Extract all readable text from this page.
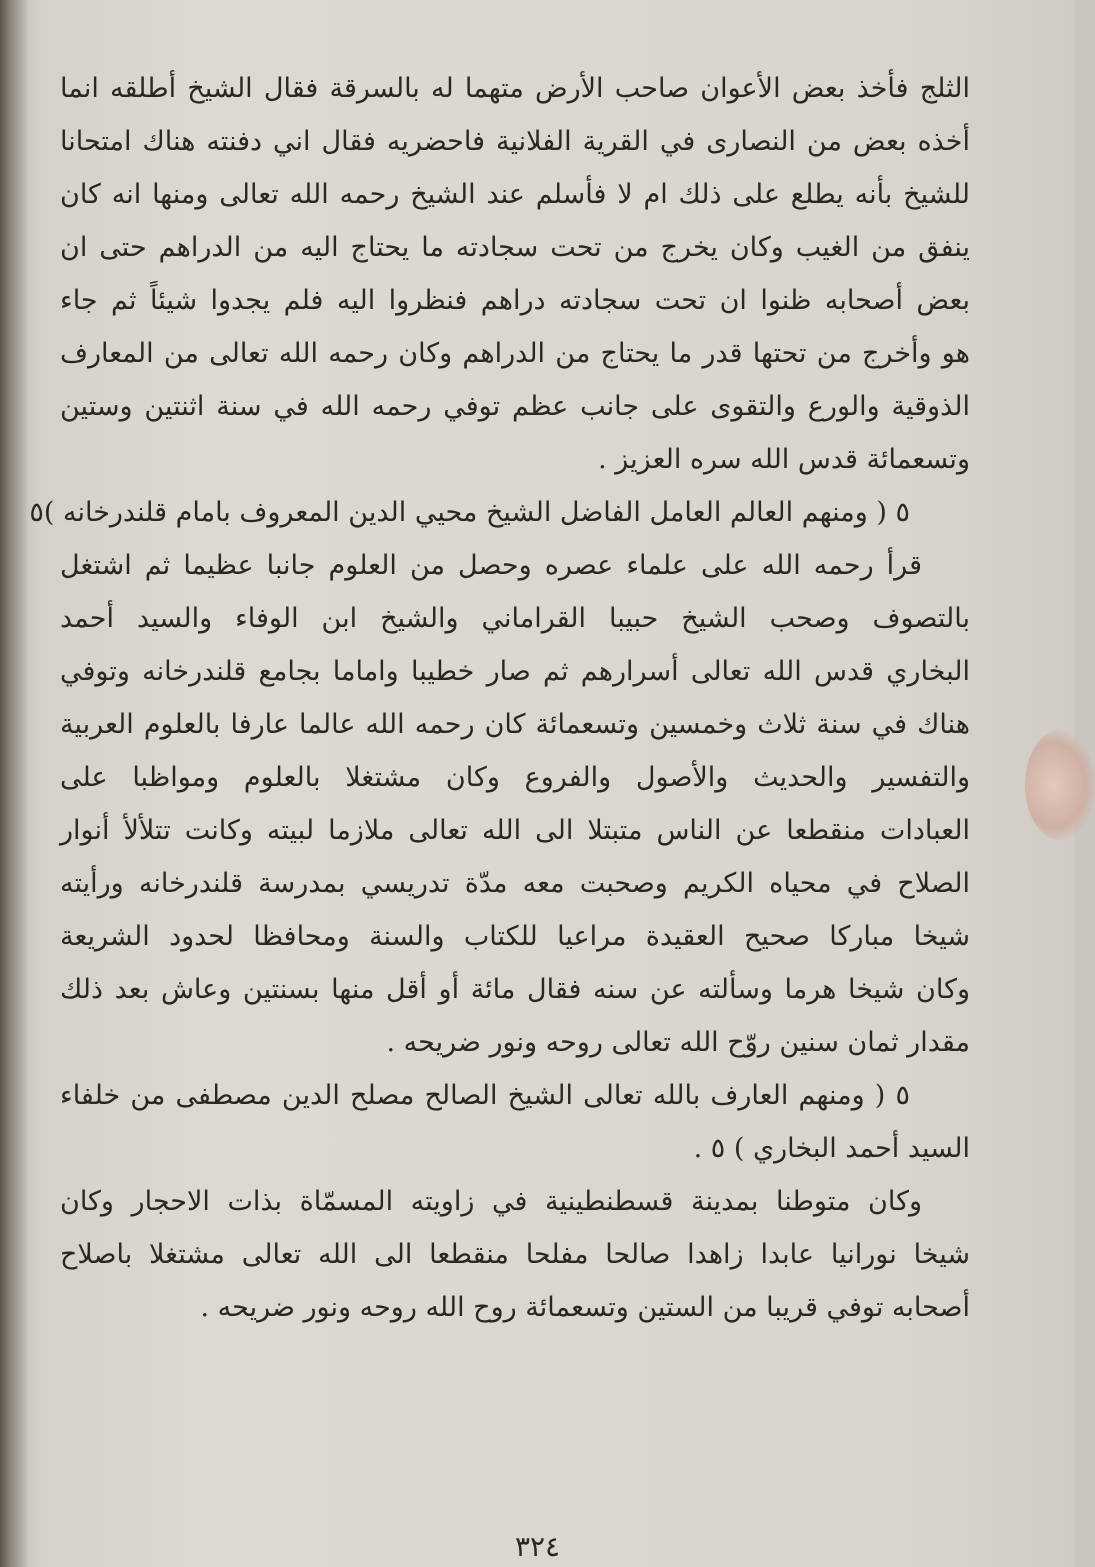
الثلج فأخذ بعض الأعوان صاحب الأرض متهما له بالسرقة فقال الشيخ أطلقه انما
أخذه بعض من النصارى في القرية الفلانية فاحضريه فقال اني دفنته هناك امتحانا
للشيخ بأنه يطلع على ذلك ام لا فأسلم عند الشيخ رحمه الله تعالى ومنها انه كان
ينفق من الغيب وكان يخرج من تحت سجادته ما يحتاج اليه من الدراهم حتى ان
بعض أصحابه ظنوا ان تحت سجادته دراهم فنظروا اليه فلم يجدوا شيئاً ثم جاء
هو وأخرج من تحتها قدر ما يحتاج من الدراهم وكان رحمه الله تعالى من المعارف
الذوقية والورع والتقوى على جانب عظم توفي رحمه الله في سنة اثنتين وستين
وتسعمائة قدس الله سره العزيز .
٥ ( ومنهم العالم العامل الفاضل الشيخ محيي الدين المعروف بامام قلندرخانه )٥
قرأ رحمه الله على علماء عصره وحصل من العلوم جانبا عظيما ثم اشتغل
بالتصوف وصحب الشيخ حبيبا القراماني والشيخ ابن الوفاء والسيد أحمد
البخاري قدس الله تعالى أسرارهم ثم صار خطيبا واماما بجامع قلندرخانه وتوفي
هناك في سنة ثلاث وخمسين وتسعمائة كان رحمه الله عالما عارفا بالعلوم العربية
والتفسير والحديث والأصول والفروع وكان مشتغلا بالعلوم ومواظبا على
العبادات منقطعا عن الناس متبتلا الى الله تعالى ملازما لبيته وكانت تتلألأ أنوار
الصلاح في محياه الكريم وصحبت معه مدّة تدريسي بمدرسة قلندرخانه ورأيته
شيخا مباركا صحيح العقيدة مراعيا للكتاب والسنة ومحافظا لحدود الشريعة
وكان شيخا هرما وسألته عن سنه فقال مائة أو أقل منها بسنتين وعاش بعد ذلك
مقدار ثمان سنين روّح الله تعالى روحه ونور ضريحه .
٥ ( ومنهم العارف بالله تعالى الشيخ الصالح مصلح الدين مصطفى من خلفاء
السيد أحمد البخاري ) ٥ .
وكان متوطنا بمدينة قسطنطينية في زاويته المسمّاة بذات الاحجار وكان
شيخا نورانيا عابدا زاهدا صالحا مفلحا منقطعا الى الله تعالى مشتغلا باصلاح
أصحابه توفي قريبا من الستين وتسعمائة روح الله روحه ونور ضريحه .
٣٢٤
